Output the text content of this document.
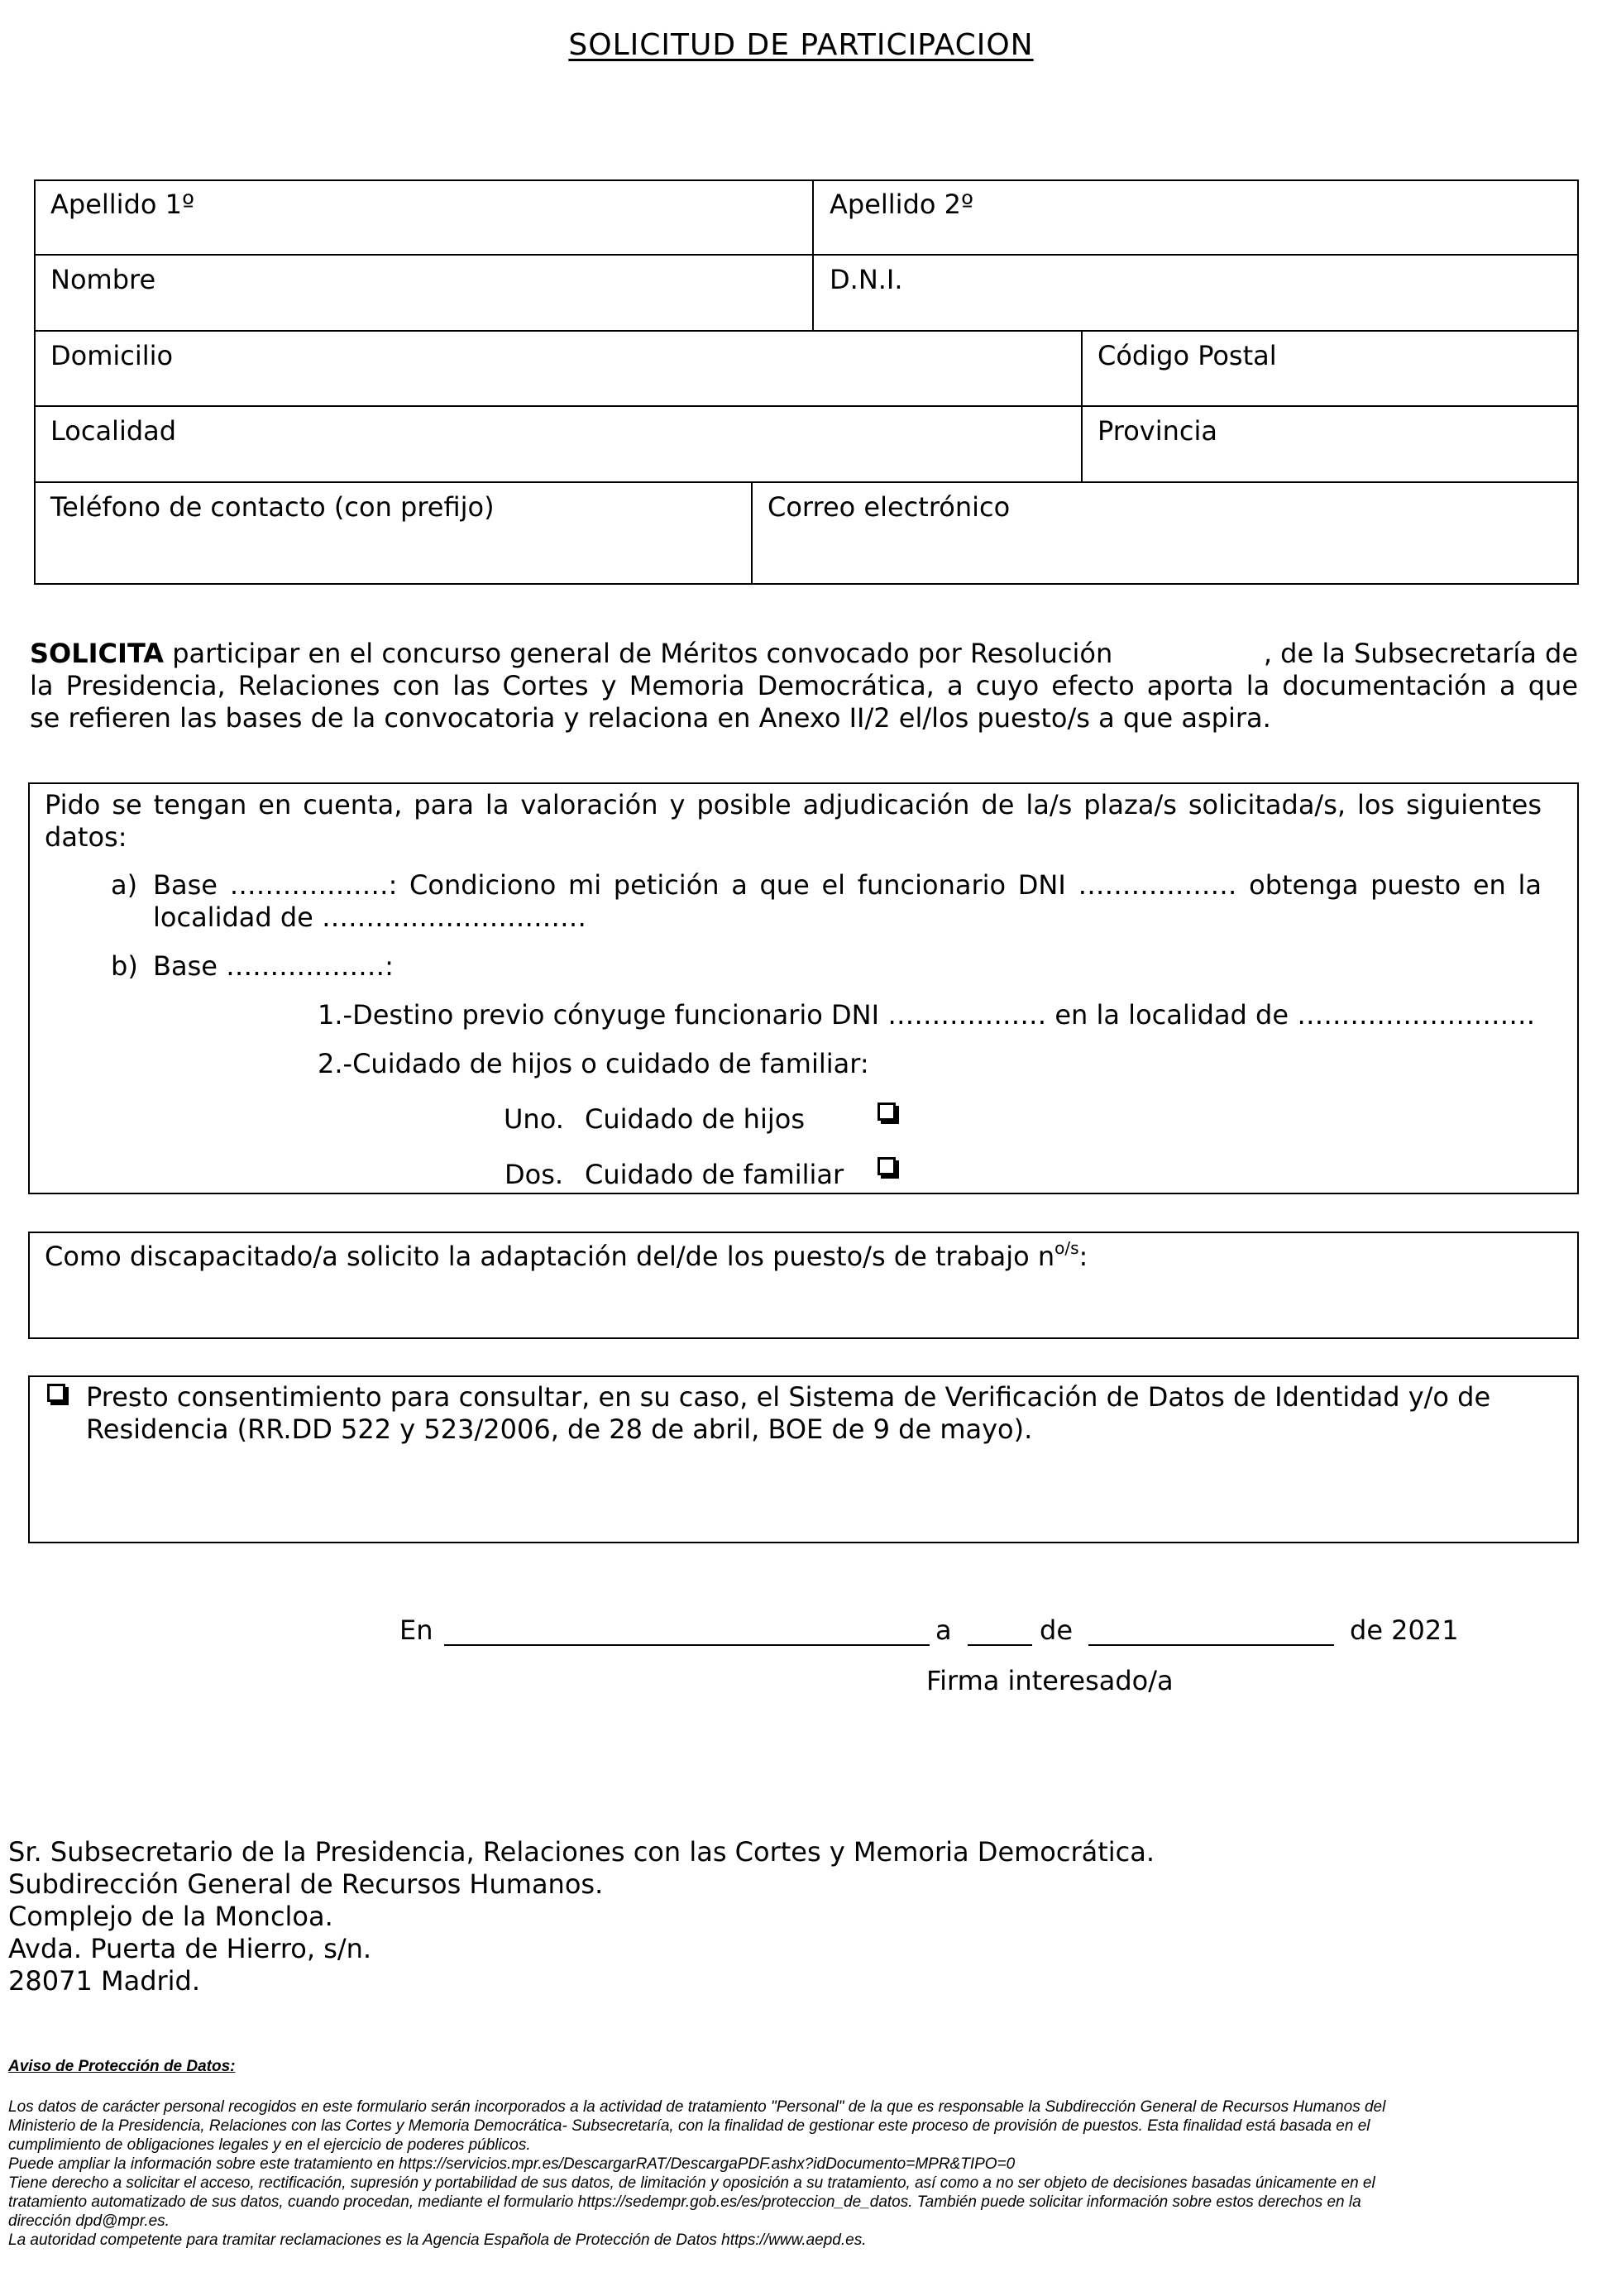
SOLICITUD DE PARTICIPACION
Apellido 1º	Apellido 2º
Nombre	D.N.I.
Domicilio	Código Postal
Localidad	Provincia
Teléfono de contacto (con prefijo)	Correo electrónico
SOLICITA participar en el concurso general de Méritos convocado por Resolución	, de la Subsecretaría de
la Presidencia, Relaciones con las Cortes y Memoria Democrática, a cuyo efecto aporta la documentación a que
se refieren las bases de la convocatoria y relaciona en Anexo II/2 el/los puesto/s a que aspira.
Pido se tengan en cuenta, para la valoración y posible adjudicación de la/s plaza/s solicitada/s, los siguientes
datos:
a) Base ………………: Condiciono mi petición a que el funcionario DNI ……………… obtenga puesto en la
localidad de …………………………
b) Base ………………:
1.-Destino previo cónyuge funcionario DNI ……………… en la localidad de ………………………
2.-Cuidado de hijos o cuidado de familiar:
Uno. Cuidado de hijos
Dos. Cuidado de familiar
Como discapacitado/a solicito la adaptación del/de los puesto/s de trabajo $n^{o/s}$:
Presto consentimiento para consultar, en su caso, el Sistema de Verificación de Datos de Identidad y/o de
Residencia (RR.DD 522 y 523/2006, de 28 de abril, BOE de 9 de mayo).
En	a	de	de 2021
Firma interesado/a
Sr. Subsecretario de la Presidencia, Relaciones con las Cortes y Memoria Democrática.
Subdirección General de Recursos Humanos.
Complejo de la Moncloa.
Avda. Puerta de Hierro, s/n.
28071 Madrid.
Aviso de Protección de Datos:
Los datos de carácter personal recogidos en este formulario serán incorporados a la actividad de tratamiento "Personal" de la que es responsable la Subdirección General de Recursos Humanos del
Ministerio de la Presidencia, Relaciones con las Cortes y Memoria Democrática- Subsecretaría, con la finalidad de gestionar este proceso de provisión de puestos. Esta finalidad está basada en el
cumplimiento de obligaciones legales y en el ejercicio de poderes públicos.
Puede ampliar la información sobre este tratamiento en https://servicios.mpr.es/DescargarRAT/DescargaPDF.ashx?idDocumento=MPR&TIPO=0
Tiene derecho a solicitar el acceso, rectificación, supresión y portabilidad de sus datos, de limitación y oposición a su tratamiento, así como a no ser objeto de decisiones basadas únicamente en el
tratamiento automatizado de sus datos, cuando procedan, mediante el formulario https://sedempr.gob.es/es/proteccion_de_datos. También puede solicitar información sobre estos derechos en la
dirección dpd@mpr.es.
La autoridad competente para tramitar reclamaciones es la Agencia Española de Protección de Datos https://www.aepd.es.
